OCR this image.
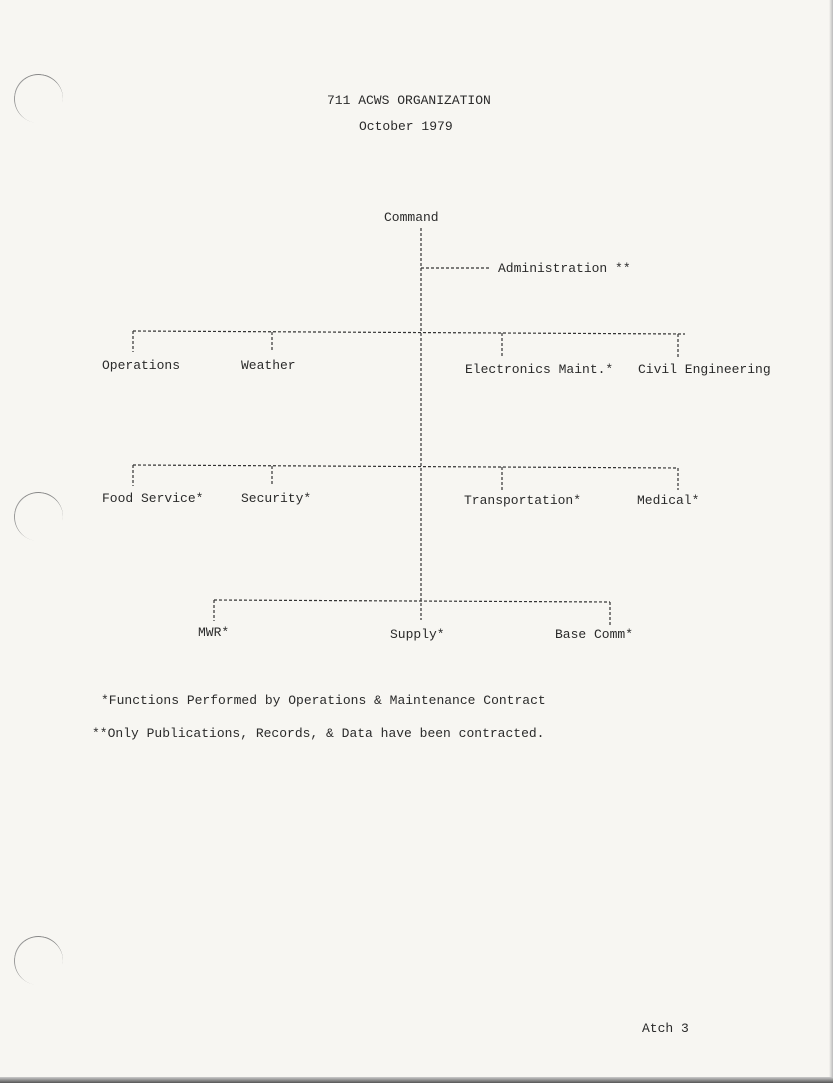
711 ACWS ORGANIZATION
October 1979
Command
Administration **
Operations	Weather	Electronics Maint.* Civil Engineering
Food Service*	Security*	Transportation*	Medical*
MWR*	Supply*	Base Comm*
*Functions Performed by Operations & Maintenance Contract
**Only Publications, Records, & Data have been contracted.
Atch 3
